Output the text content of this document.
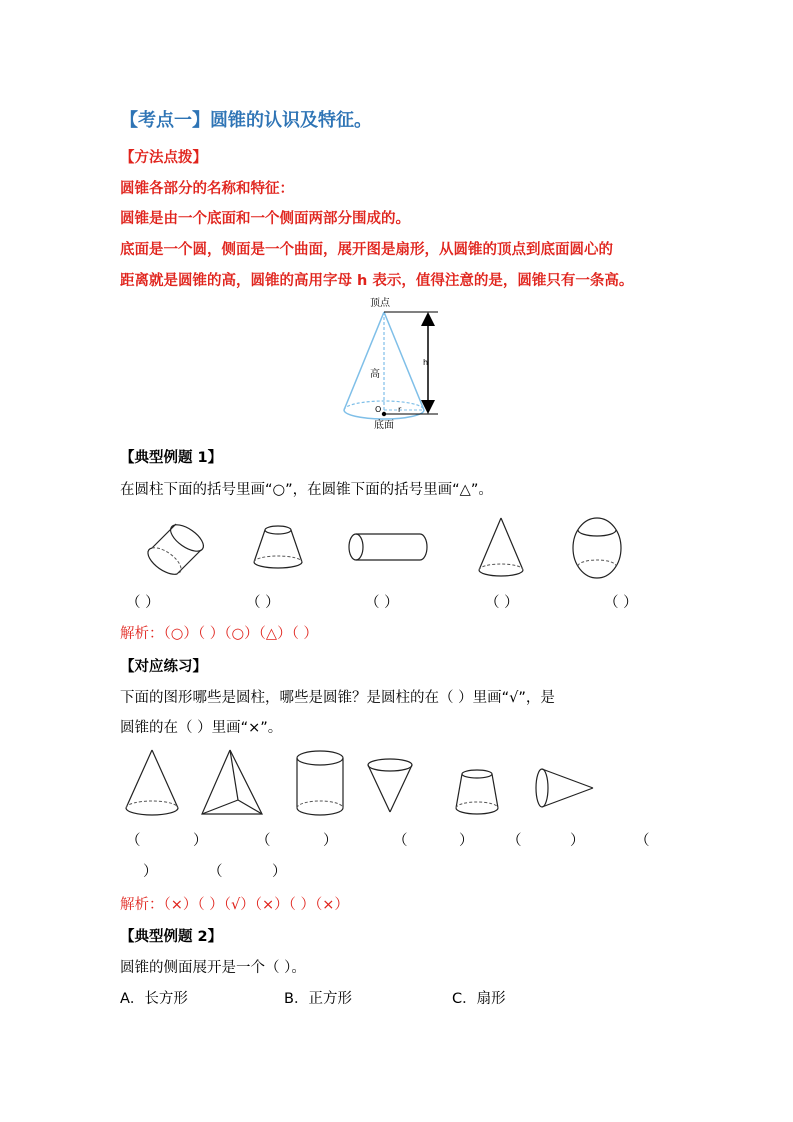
【考点一】圆锥的认识及特征。
【方法点拨】
圆锥各部分的名称和特征：
圆锥是由一个底面和一个侧面两部分围成的。
底面是一个圆，侧面是一个曲面，展开图是扇形，从圆锥的顶点到底面圆心的
距离就是圆锥的高，圆锥的高用字母 h 表示，值得注意的是，圆锥只有一条高。
顶点
高
h
O r
底面
【典型例题 1】
在圆柱下面的括号里画“○”，在圆锥下面的括号里画“△”。
（ ）	（ ）	（ ）	（ ）	（ ）
解析：（○）（ ）（○）（△）（ ）
【对应练习】
下面的图形哪些是圆柱，哪些是圆锥？是圆柱的在（ ）里画“√”，是
圆锥的在（ ）里画“×”。
（	）	（	）	（	） （	）	（
）	（	）
解析：（×）（ ）（√）（×）（ ）（×）
【典型例题 2】
圆锥的侧面展开是一个（ ）。
A．长方形	B．正方形	C．扇形
